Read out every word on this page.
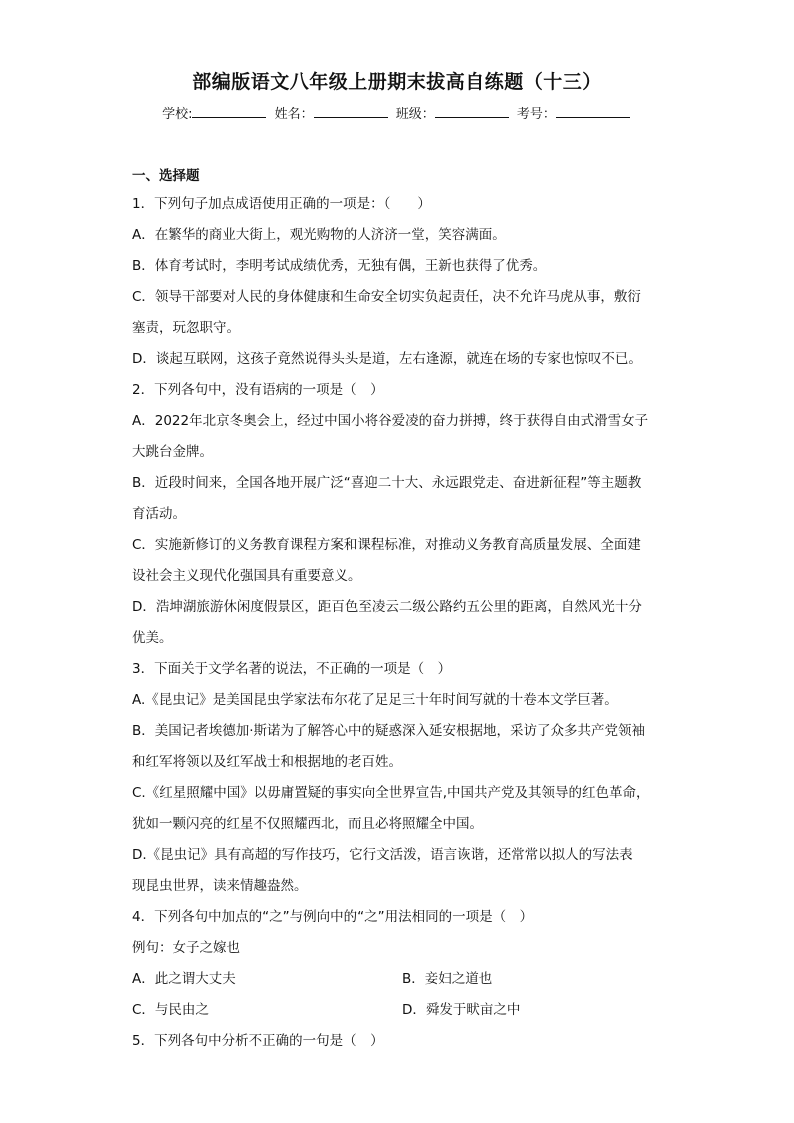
部编版语文八年级上册期末拔高自练题（十三）
学校:	姓名：	班级：	考号：
一、选择题

1．下列句子加点成语使用正确的一项是：（　　）

A．在繁华的商业大街上，观光购物的人济济一堂，笑容满面。

B．体育考试时，李明考试成绩优秀，无独有偶，王新也获得了优秀。

C．领导干部要对人民的身体健康和生命安全切实负起责任，决不允许马虎从事，敷衍

塞责，玩忽职守。

D．谈起互联网，这孩子竟然说得头头是道，左右逢源，就连在场的专家也惊叹不已。

2．下列各句中，没有语病的一项是（　）

A．2022年北京冬奥会上，经过中国小将谷爱凌的奋力拼搏，终于获得自由式滑雪女子

大跳台金牌。

B．近段时间来，全国各地开展广泛“喜迎二十大、永远跟党走、奋进新征程”等主题教

育活动。

C．实施新修订的义务教育课程方案和课程标准，对推动义务教育高质量发展、全面建

设社会主义现代化强国具有重要意义。

D．浩坤湖旅游休闲度假景区，距百色至凌云二级公路约五公里的距离，自然风光十分

优美。

3．下面关于文学名著的说法，不正确的一项是（　）

A.《昆虫记》是美国昆虫学家法布尔花了足足三十年时间写就的十卷本文学巨著。

B．美国记者埃德加·斯诺为了解答心中的疑惑深入延安根据地，采访了众多共产党领袖

和红军将领以及红军战士和根据地的老百姓。

C.《红星照耀中国》以毋庸置疑的事实向全世界宣告,中国共产党及其领导的红色革命，

犹如一颗闪亮的红星不仅照耀西北，而且必将照耀全中国。

D.《昆虫记》具有高超的写作技巧，它行文活泼，语言诙谐，还常常以拟人的写法表

现昆虫世界，读来情趣盎然。

4．下列各句中加点的“之”与例向中的“之”用法相同的一项是（　）

例句：女子之嫁也

A．此之谓大丈夫	B．妾妇之道也
C．与民由之	D．舜发于畎亩之中

5．下列各句中分析不正确的一句是（　）
